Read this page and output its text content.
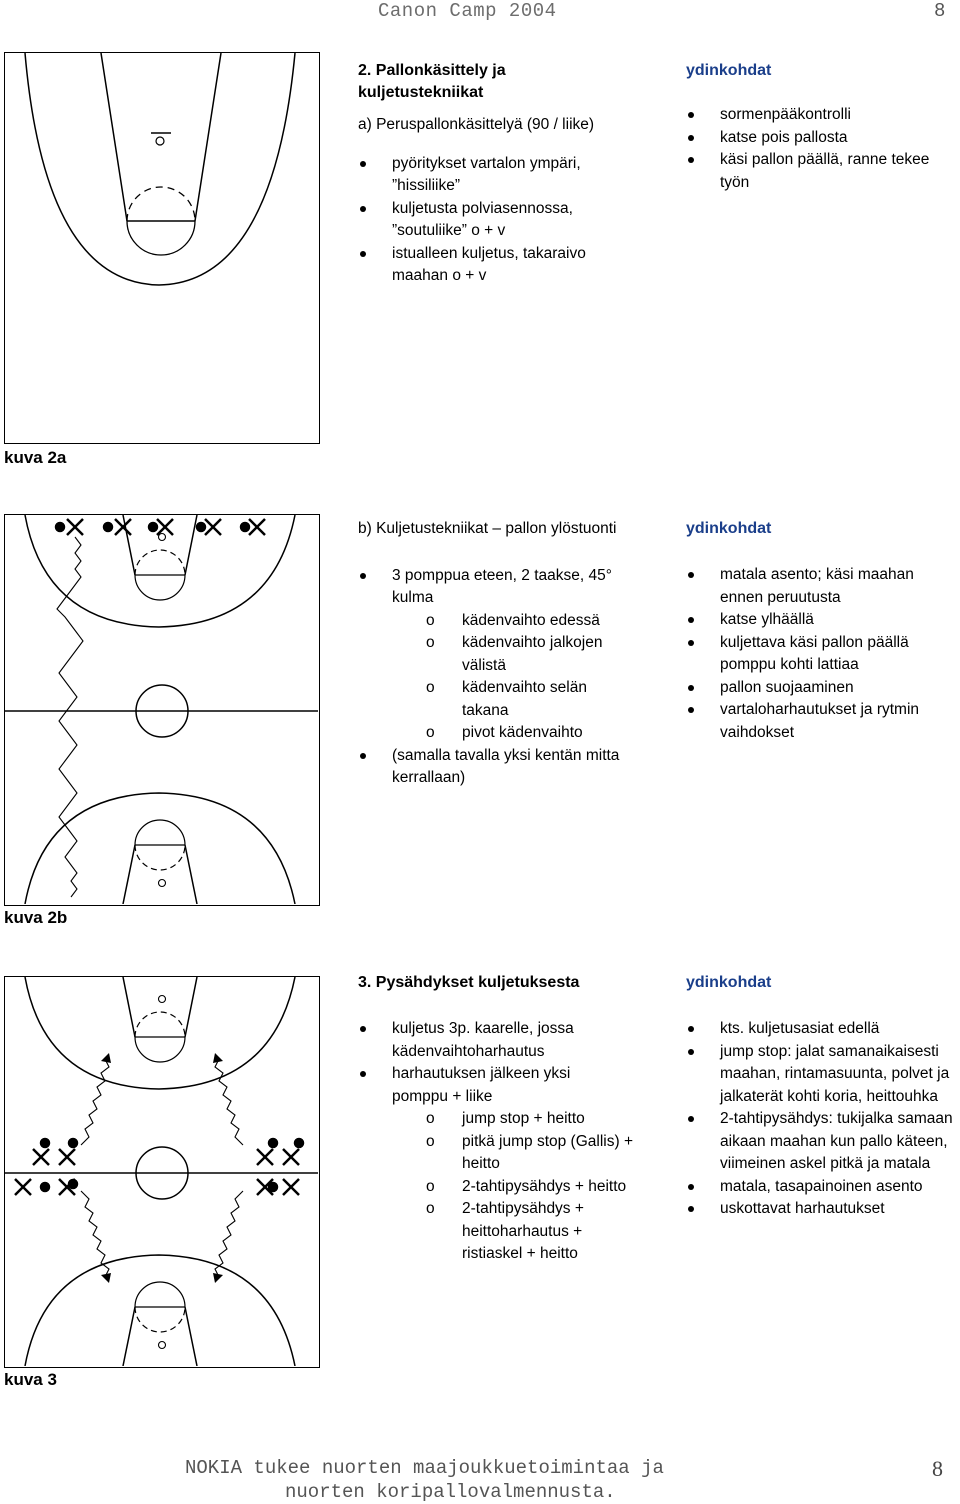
Canon Camp 2004	8
kuva 2a
2. Pallonkäsittely ja kuljetustekniikat
a) Peruspallonkäsittelyä (90 / liike)
pyöritykset vartalon ympäri, ”hissiliike”
kuljetusta polviasennossa, ”soutuliike” o + v
istualleen kuljetus, takaraivo maahan o + v
ydinkohdat
sormenpääkontrolli
katse pois pallosta
käsi pallon päällä, ranne tekee työn
kuva 2b
b) Kuljetustekniikat – pallon ylöstuonti
3 pomppua eteen, 2 taakse, 45° kulma
o kädenvaihto edessä
o kädenvaihto jalkojen välistä
o kädenvaihto selän takana
o pivot kädenvaihto
(samalla tavalla yksi kentän mitta kerrallaan)
ydinkohdat
matala asento; käsi maahan ennen peruutusta
katse ylhäällä
kuljettava käsi pallon päällä pomppu kohti lattiaa
pallon suojaaminen
vartaloharhautukset ja rytmin vaihdokset
kuva 3
3. Pysähdykset kuljetuksesta
kuljetus 3p. kaarelle, jossa kädenvaihtoharhautus
harhautuksen jälkeen yksi pomppu + liike
o jump stop + heitto
o pitkä jump stop (Gallis) + heitto
o 2-tahtipysähdys + heitto
o 2-tahtipysähdys + heittoharhautus + ristiaskel + heitto
ydinkohdat
kts. kuljetusasiat edellä
jump stop: jalat samanaikaisesti maahan, rintamasuunta, polvet ja jalkaterät kohti koria, heittouhka
2-tahtipysähdys: tukijalka samaan aikaan maahan kun pallo käteen, viimeinen askel pitkä ja matala
matala, tasapainoinen asento
uskottavat harhautukset
NOKIA tukee nuorten maajoukkuetoimintaa ja
nuorten koripallovalmennusta.
8
